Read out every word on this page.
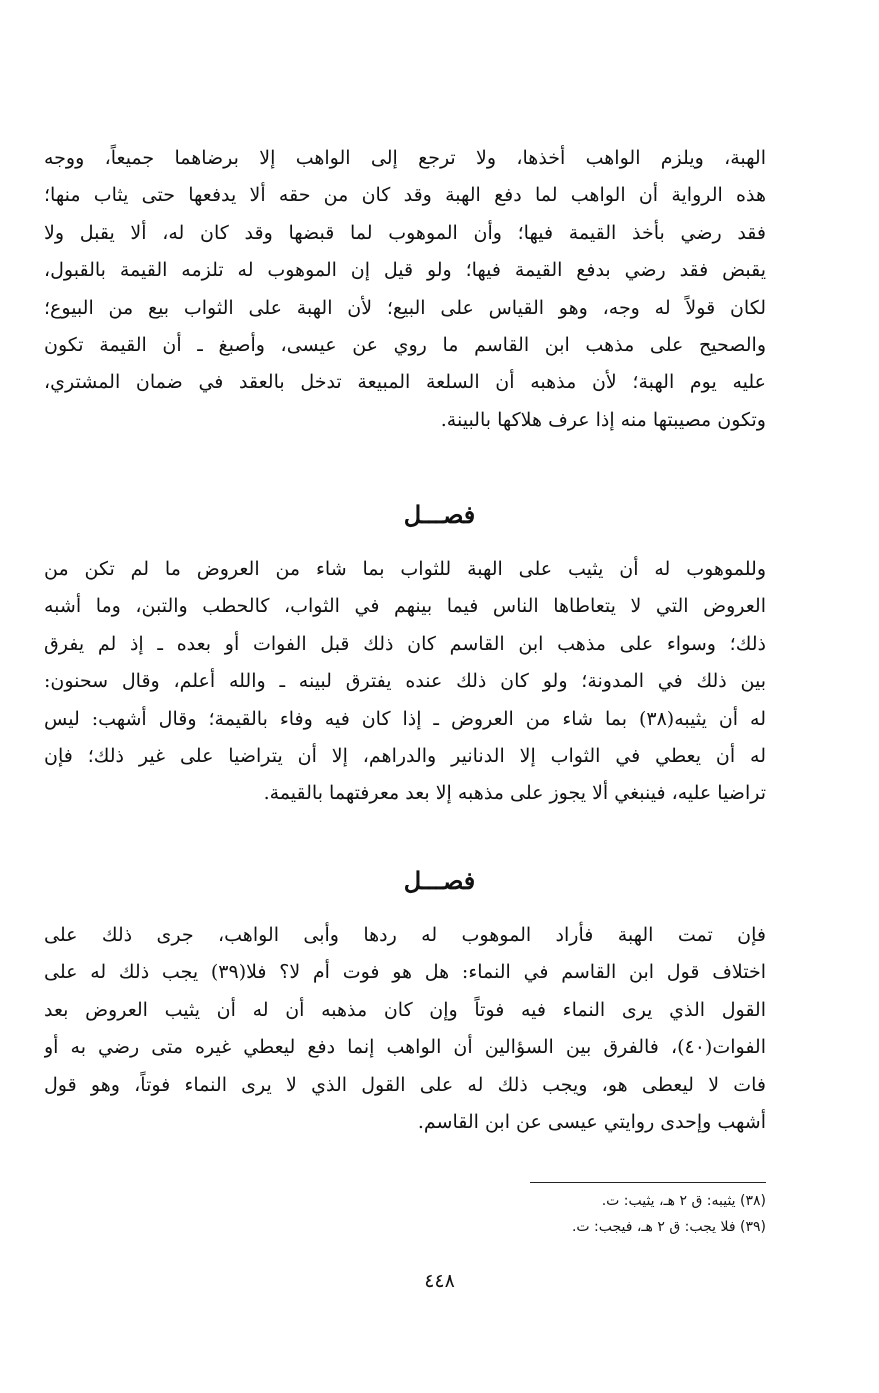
الهبة، ويلزم الواهب أخذها، ولا ترجع إلى الواهب إلا برضاهما جميعاً، ووجه
هذه الرواية أن الواهب لما دفع الهبة وقد كان من حقه ألا يدفعها حتى يثاب منها؛
فقد رضي بأخذ القيمة فيها؛ وأن الموهوب لما قبضها وقد كان له، ألا يقبل ولا
يقبض فقد رضي بدفع القيمة فيها؛ ولو قيل إن الموهوب له تلزمه القيمة بالقبول،
لكان قولاً له وجه، وهو القياس على البيع؛ لأن الهبة على الثواب بيع من البيوع؛
والصحيح على مذهب ابن القاسم ما روي عن عيسى، وأصبغ ـ أن القيمة تكون
عليه يوم الهبة؛ لأن مذهبه أن السلعة المبيعة تدخل بالعقد في ضمان المشتري،
وتكون مصيبتها منه إذا عرف هلاكها بالبينة.
فصـــل
وللموهوب له أن يثيب على الهبة للثواب بما شاء من العروض ما لم تكن من
العروض التي لا يتعاطاها الناس فيما بينهم في الثواب، كالحطب والتبن، وما أشبه
ذلك؛ وسواء على مذهب ابن القاسم كان ذلك قبل الفوات أو بعده ـ إذ لم يفرق
بين ذلك في المدونة؛ ولو كان ذلك عنده يفترق لبينه ـ والله أعلم، وقال سحنون:
له أن يثيبه(٣٨) بما شاء من العروض ـ إذا كان فيه وفاء بالقيمة؛ وقال أشهب: ليس
له أن يعطي في الثواب إلا الدنانير والدراهم، إلا أن يتراضيا على غير ذلك؛ فإن
تراضيا عليه، فينبغي ألا يجوز على مذهبه إلا بعد معرفتهما بالقيمة.
فصـــل
فإن تمت الهبة فأراد الموهوب له ردها وأبى الواهب، جرى ذلك على
اختلاف قول ابن القاسم في النماء: هل هو فوت أم لا؟ فلا(٣٩) يجب ذلك له على
القول الذي يرى النماء فيه فوتاً وإن كان مذهبه أن له أن يثيب العروض بعد
الفوات(٤٠)، فالفرق بين السؤالين أن الواهب إنما دفع ليعطي غيره متى رضي به أو
فات لا ليعطى هو، ويجب ذلك له على القول الذي لا يرى النماء فوتاً، وهو قول
أشهب وإحدى روايتي عيسى عن ابن القاسم.
(٣٨) يثيبه: ق ٢ هـ، يثيب: ت.
(٣٩) فلا يجب: ق ٢ هـ، فيجب: ت.
٤٤٨
